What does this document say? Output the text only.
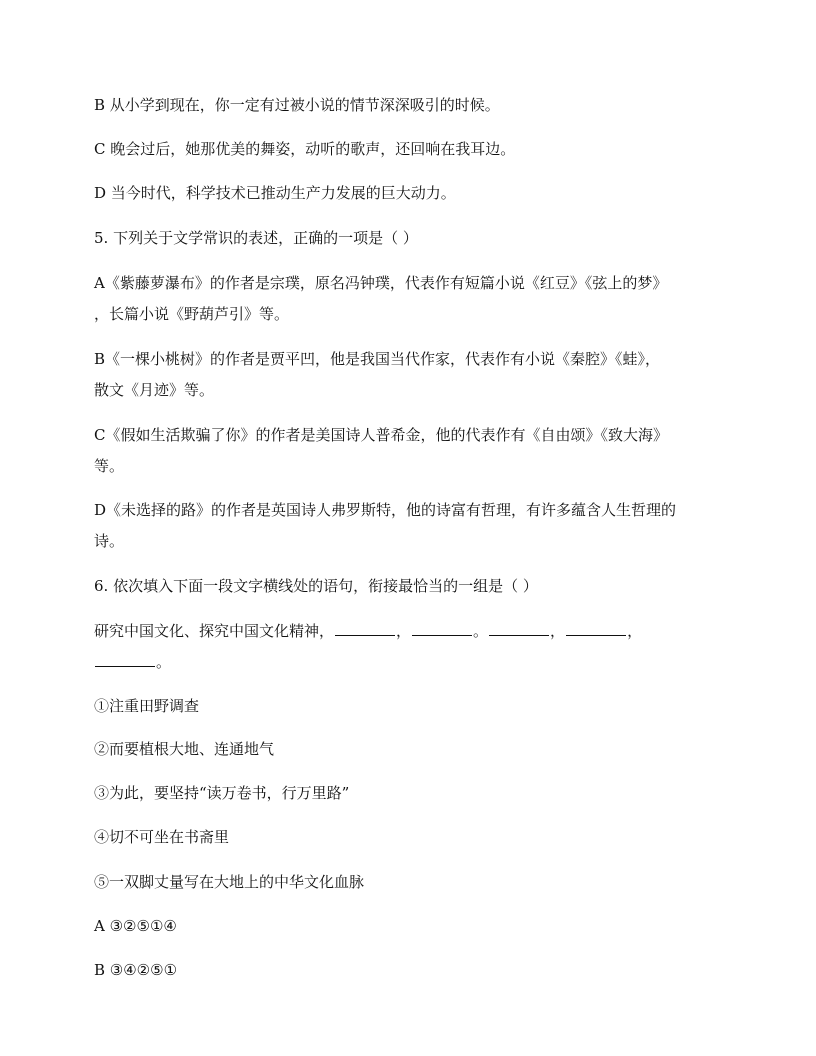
B 从小学到现在，你一定有过被小说的情节深深吸引的时候。
C 晚会过后，她那优美的舞姿，动听的歌声，还回响在我耳边。
D 当今时代，科学技术已推动生产力发展的巨大动力。
5. 下列关于文学常识的表述，正确的一项是（ ）
A《紫藤萝瀑布》的作者是宗璞，原名冯钟璞，代表作有短篇小说《红豆》《弦上的梦》
，长篇小说《野葫芦引》等。
B《一棵小桃树》的作者是贾平凹，他是我国当代作家，代表作有小说《秦腔》《蛙》，
散文《月迹》等。
C《假如生活欺骗了你》的作者是美国诗人普希金，他的代表作有《自由颂》《致大海》
等。
D《未选择的路》的作者是英国诗人弗罗斯特，他的诗富有哲理，有许多蕴含人生哲理的
诗。
6. 依次填入下面一段文字横线处的语句，衔接最恰当的一组是（ ）
研究中国文化、探究中国文化精神，	，	。	，	，
。
①注重田野调查
②而要植根大地、连通地气
③为此，要坚持“读万卷书，行万里路”
④切不可坐在书斋里
⑤一双脚丈量写在大地上的中华文化血脉
A ③②⑤①④
B ③④②⑤①
